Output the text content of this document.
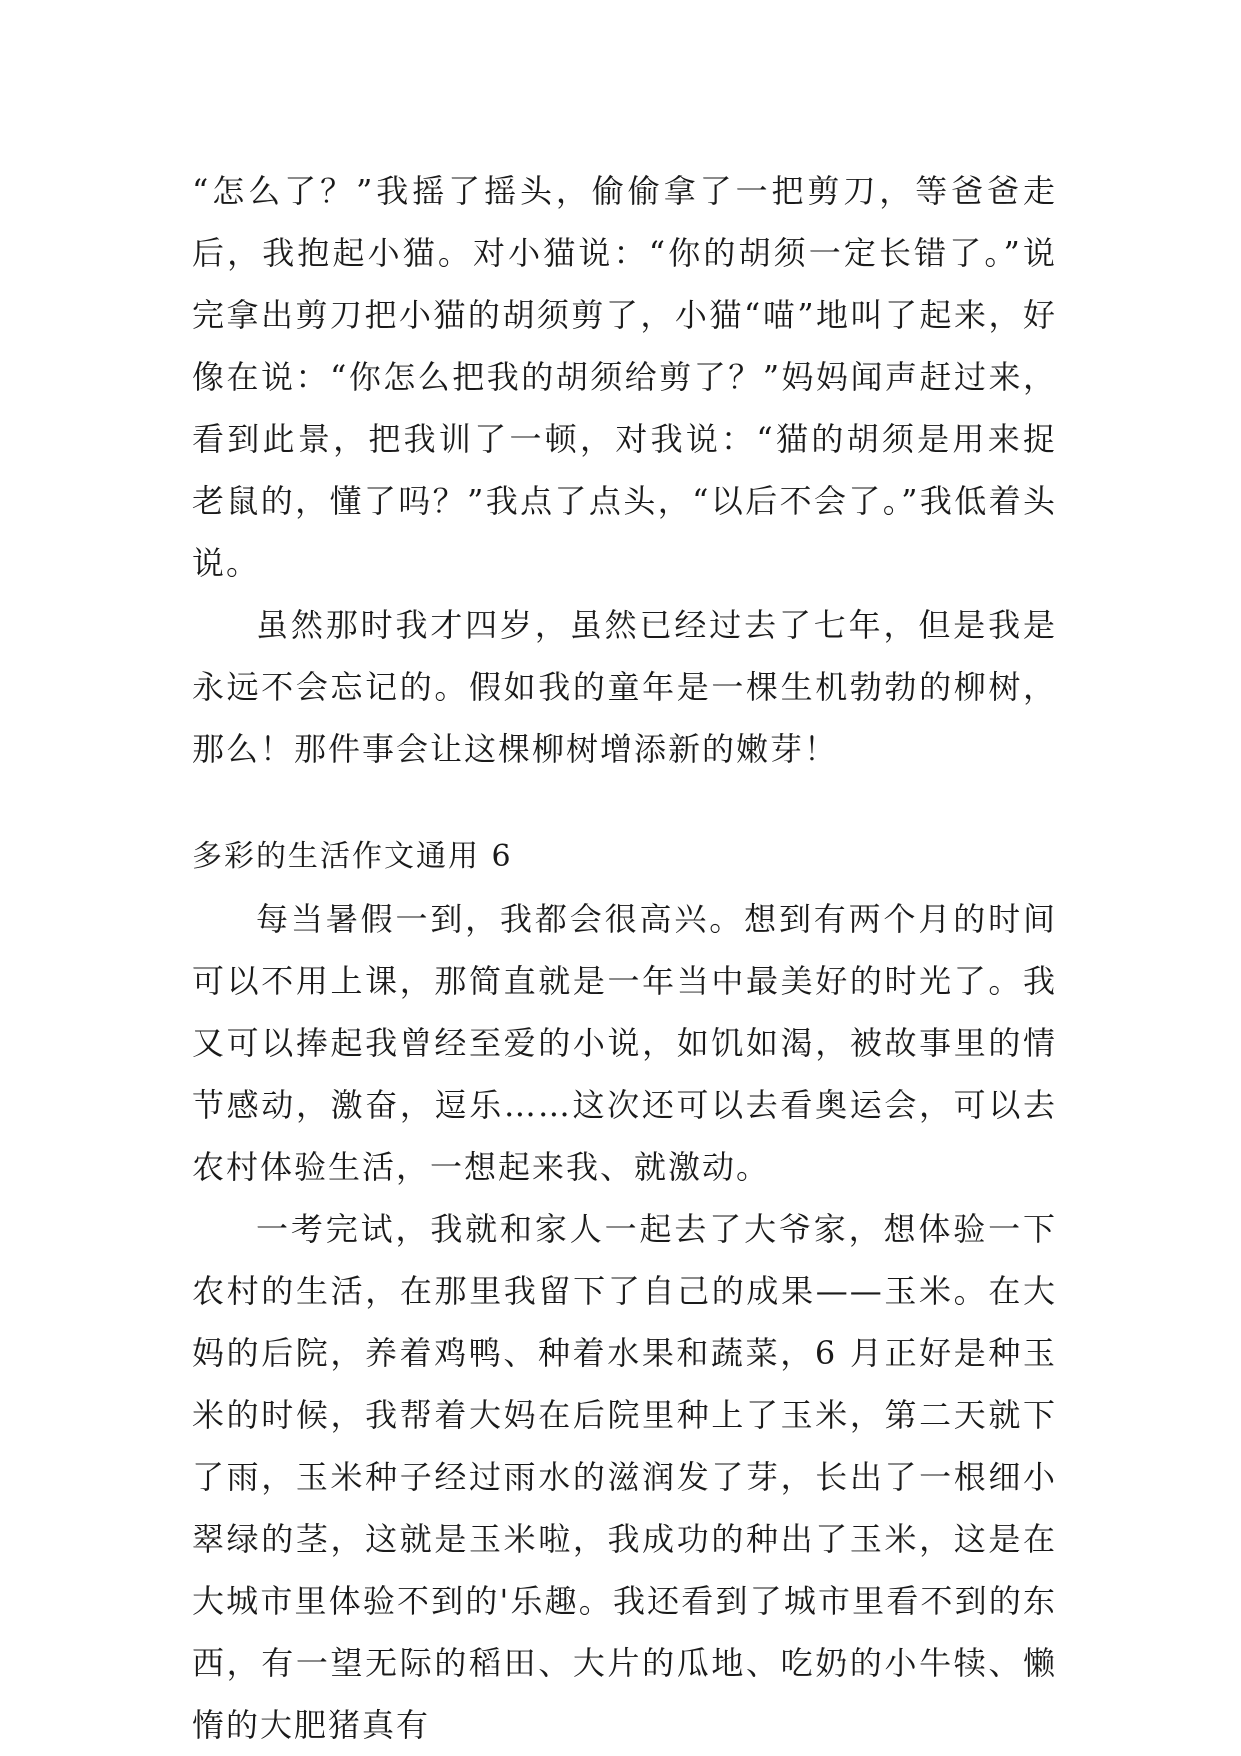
“怎么了？”我摇了摇头，偷偷拿了一把剪刀，等爸爸走后，我抱起小猫。对小猫说：“你的胡须一定长错了。”说完拿出剪刀把小猫的胡须剪了，小猫“喵”地叫了起来，好像在说：“你怎么把我的胡须给剪了？”妈妈闻声赶过来，看到此景，把我训了一顿，对我说：“猫的胡须是用来捉老鼠的，懂了吗？”我点了点头，“以后不会了。”我低着头说。

虽然那时我才四岁，虽然已经过去了七年，但是我是永远不会忘记的。假如我的童年是一棵生机勃勃的柳树，那么！那件事会让这棵柳树增添新的嫩芽！

多彩的生活作文通用 6

每当暑假一到，我都会很高兴。想到有两个月的时间可以不用上课，那简直就是一年当中最美好的时光了。我又可以捧起我曾经至爱的小说，如饥如渴，被故事里的情节感动，激奋，逗乐……这次还可以去看奥运会，可以去农村体验生活，一想起来我、就激动。

一考完试，我就和家人一起去了大爷家，想体验一下农村的生活，在那里我留下了自己的成果——玉米。在大妈的后院，养着鸡鸭、种着水果和蔬菜，6 月正好是种玉米的时候，我帮着大妈在后院里种上了玉米，第二天就下了雨，玉米种子经过雨水的滋润发了芽，长出了一根细小翠绿的茎，这就是玉米啦，我成功的种出了玉米，这是在大城市里体验不到的'乐趣。我还看到了城市里看不到的东西，有一望无际的稻田、大片的瓜地、吃奶的小牛犊、懒惰的大肥猪真有
